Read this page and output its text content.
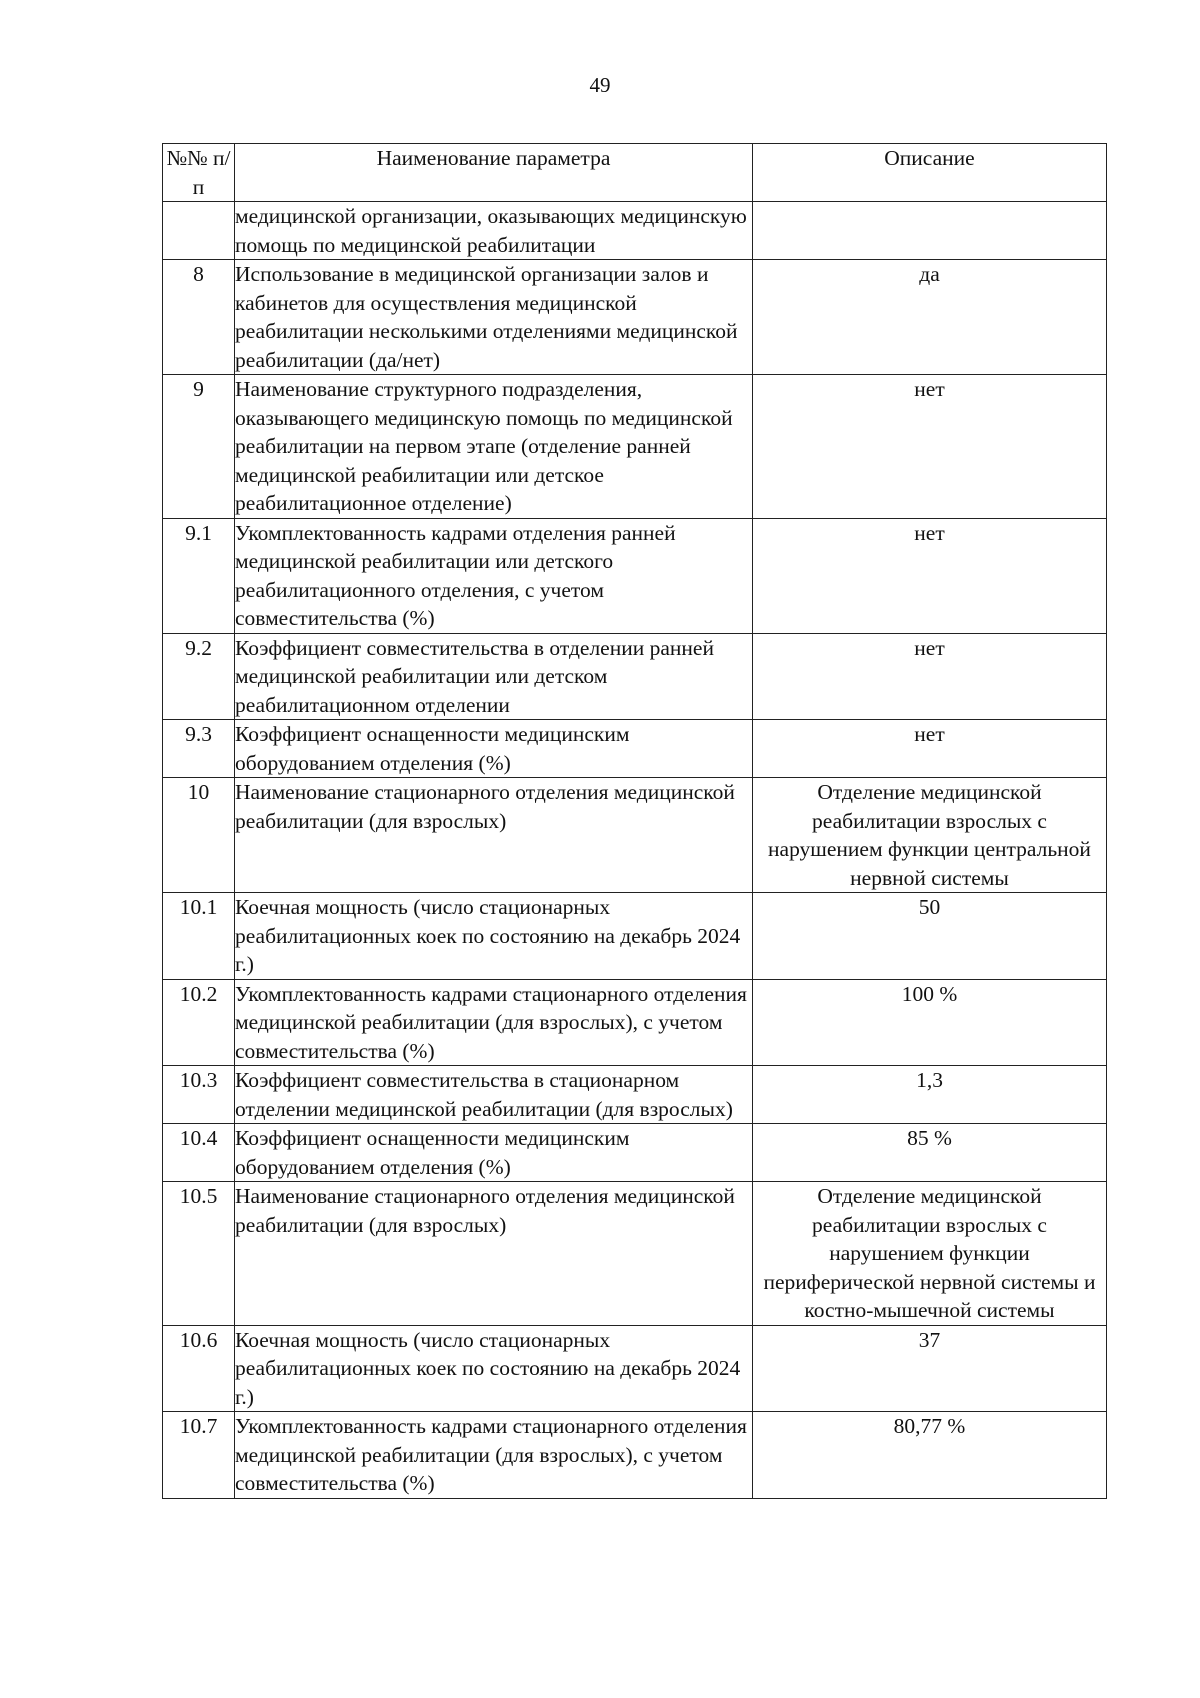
49
№№ п/п	Наименование параметра	Описание
	медицинской организации, оказывающих медицинскую помощь по медицинской реабилитации	
8	Использование в медицинской организации залов и кабинетов для осуществления медицинской реабилитации несколькими отделениями медицинской реабилитации (да/нет)	да
9	Наименование структурного подразделения, оказывающего медицинскую помощь по медицинской реабилитации на первом этапе (отделение ранней медицинской реабилитации или детское реабилитационное отделение)	нет
9.1	Укомплектованность кадрами отделения ранней медицинской реабилитации или детского реабилитационного отделения, с учетом совместительства (%)	нет
9.2	Коэффициент совместительства в отделении ранней медицинской реабилитации или детском реабилитационном отделении	нет
9.3	Коэффициент оснащенности медицинским оборудованием отделения (%)	нет
10	Наименование стационарного отделения медицинской реабилитации (для взрослых)	Отделение медицинской реабилитации взрослых с нарушением функции центральной нервной системы
10.1	Коечная мощность (число стационарных реабилитационных коек по состоянию на декабрь 2024 г.)	50
10.2	Укомплектованность кадрами стационарного отделения медицинской реабилитации (для взрослых), с учетом совместительства (%)	100 %
10.3	Коэффициент совместительства в стационарном отделении медицинской реабилитации (для взрослых)	1,3
10.4	Коэффициент оснащенности медицинским оборудованием отделения (%)	85 %
10.5	Наименование стационарного отделения медицинской реабилитации (для взрослых)	Отделение медицинской реабилитации взрослых с нарушением функции периферической нервной системы и костно-мышечной системы
10.6	Коечная мощность (число стационарных реабилитационных коек по состоянию на декабрь 2024 г.)	37
10.7	Укомплектованность кадрами стационарного отделения медицинской реабилитации (для взрослых), с учетом совместительства (%)	80,77 %
